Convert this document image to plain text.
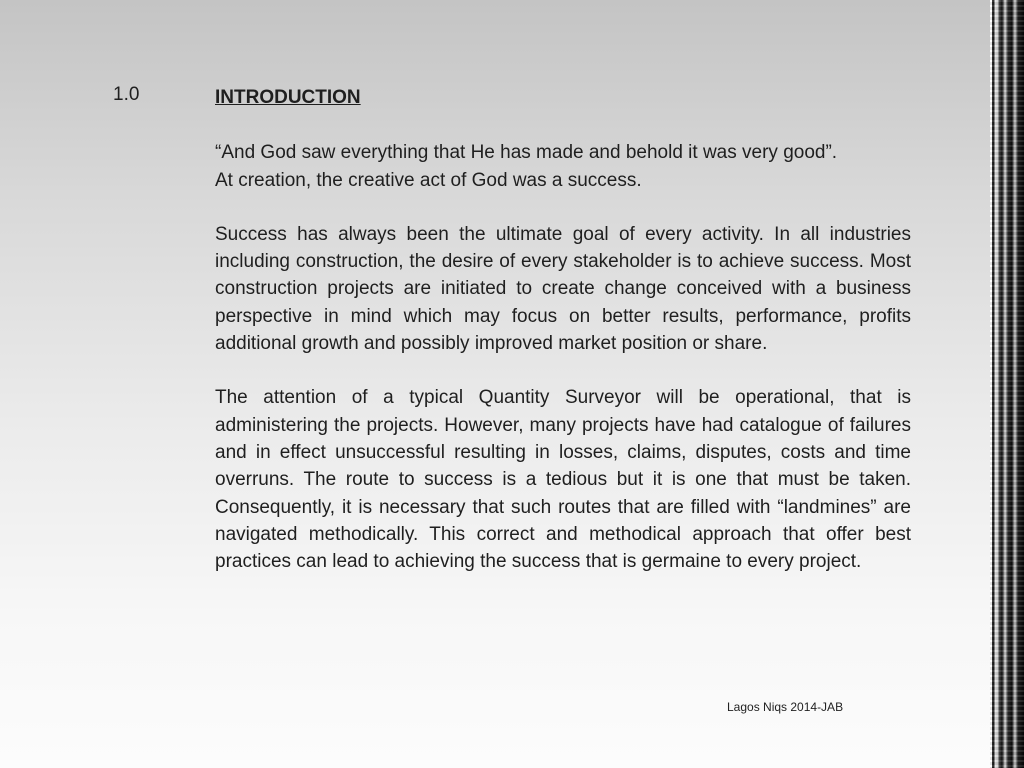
1.0	INTRODUCTION

“And God saw everything that He has made and behold it was very good”.
At creation, the creative act of God was a success.

Success has always been the ultimate goal of every activity. In all industries including construction, the desire of every stakeholder is to achieve success. Most construction projects are initiated to create change conceived with a business perspective in mind which may focus on better results, performance, profits additional growth and possibly improved market position or share.

The attention of a typical Quantity Surveyor will be operational, that is administering the projects. However, many projects have had catalogue of failures and in effect unsuccessful resulting in losses, claims, disputes, costs and time overruns. The route to success is a tedious but it is one that must be taken. Consequently, it is necessary that such routes that are filled with “landmines” are navigated methodically. This correct and methodical approach that offer best practices can lead to achieving the success that is germaine to every project.

Lagos Niqs 2014-JAB
